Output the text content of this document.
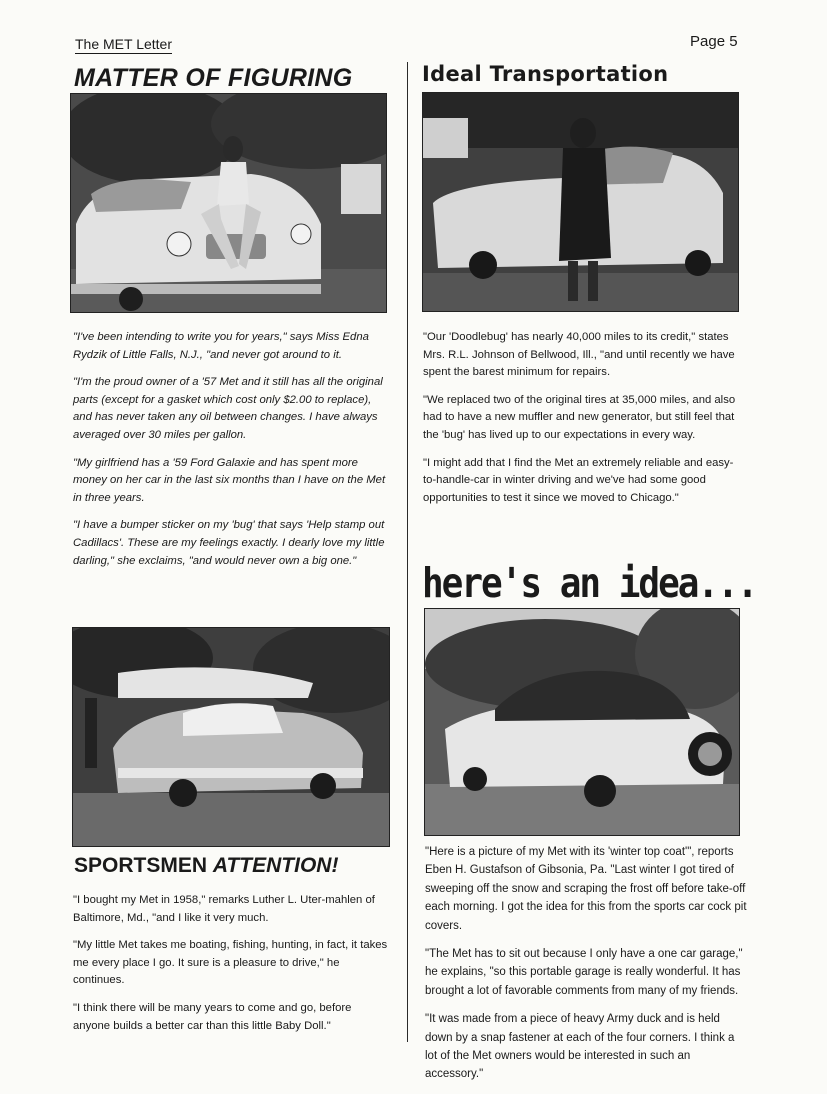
The MET Letter	Page 5
MATTER OF FIGURING

"I've been intending to write you for years," says Miss Edna Rydzik of Little Falls, N.J., "and never got around to it.

"I'm the proud owner of a '57 Met and it still has all the original parts (except for a gasket which cost only $2.00 to replace), and has never taken any oil between changes. I have always averaged over 30 miles per gallon.

"My girlfriend has a '59 Ford Galaxie and has spent more money on her car in the last six months than I have on the Met in three years.

"I have a bumper sticker on my 'bug' that says 'Help stamp out Cadillacs'. These are my feelings exactly. I dearly love my little darling," she exclaims, "and would never own a big one."

SPORTSMEN ATTENTION!

"I bought my Met in 1958," remarks Luther L. Uter-mahlen of Baltimore, Md., "and I like it very much.

"My little Met takes me boating, fishing, hunting, in fact, it takes me every place I go. It sure is a pleasure to drive," he continues.

"I think there will be many years to come and go, before anyone builds a better car than this little Baby Doll."

Ideal Transportation

"Our 'Doodlebug' has nearly 40,000 miles to its credit," states Mrs. R.L. Johnson of Bellwood, Ill., "and until recently we have spent the barest minimum for repairs.

"We replaced two of the original tires at 35,000 miles, and also had to have a new muffler and new generator, but still feel that the 'bug' has lived up to our expectations in every way.

"I might add that I find the Met an extremely reliable and easy-to-handle-car in winter driving and we've had some good opportunities to test it since we moved to Chicago."

here's an idea...

"Here is a picture of my Met with its 'winter top coat'", reports Eben H. Gustafson of Gibsonia, Pa. "Last winter I got tired of sweeping off the snow and scraping the frost off before take-off each morning. I got the idea for this from the sports car cock pit covers.

"The Met has to sit out because I only have a one car garage," he explains, "so this portable garage is really wonderful. It has brought a lot of favorable comments from many of my friends.

"It was made from a piece of heavy Army duck and is held down by a snap fastener at each of the four corners. I think a lot of the Met owners would be interested in such an accessory."
